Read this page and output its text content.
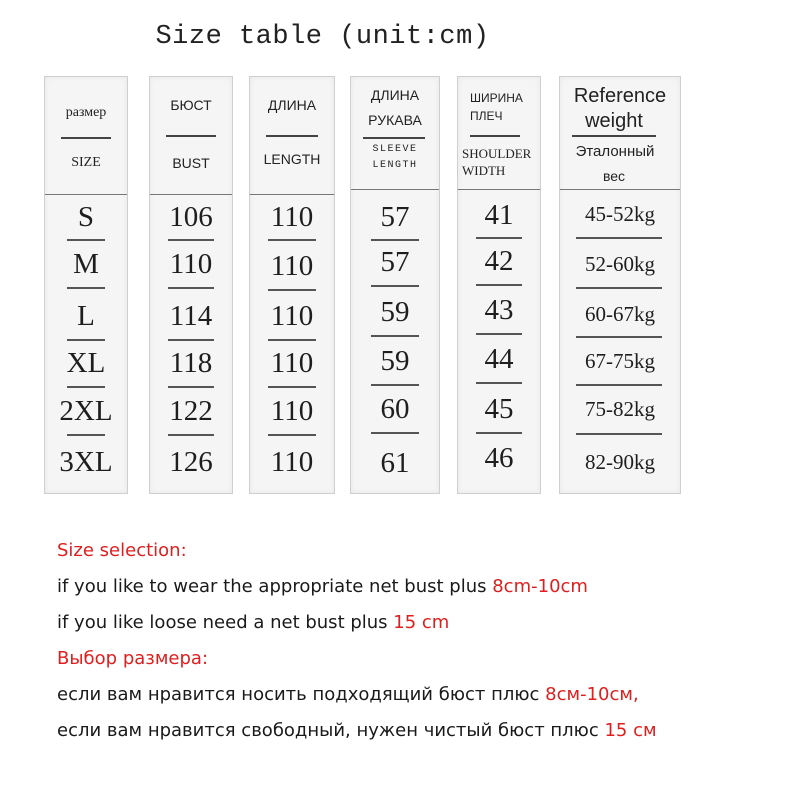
Size table (unit:cm)
размер
SIZE
S
M
L
XL
2XL
3XL
БЮСТ
BUST
106
110
114
118
122
126
ДЛИНА
LENGTH
110
110
110
110
110
110
ДЛИНА
РУКАВА
SLEEVE
LENGTH
57
57
59
59
60
61
ШИРИНА
ПЛЕЧ
SHOULDER
WIDTH
41
42
43
44
45
46
Reference
weight
Эталонный
вес
45-52kg
52-60kg
60-67kg
67-75kg
75-82kg
82-90kg
Size selection:
if you like to wear the appropriate net bust plus 8cm-10cm
if you like loose need a net bust plus 15 cm
Выбор размера:
если вам нравится носить подходящий бюст плюс 8см-10см,
если вам нравится свободный, нужен чистый бюст плюс 15 см
